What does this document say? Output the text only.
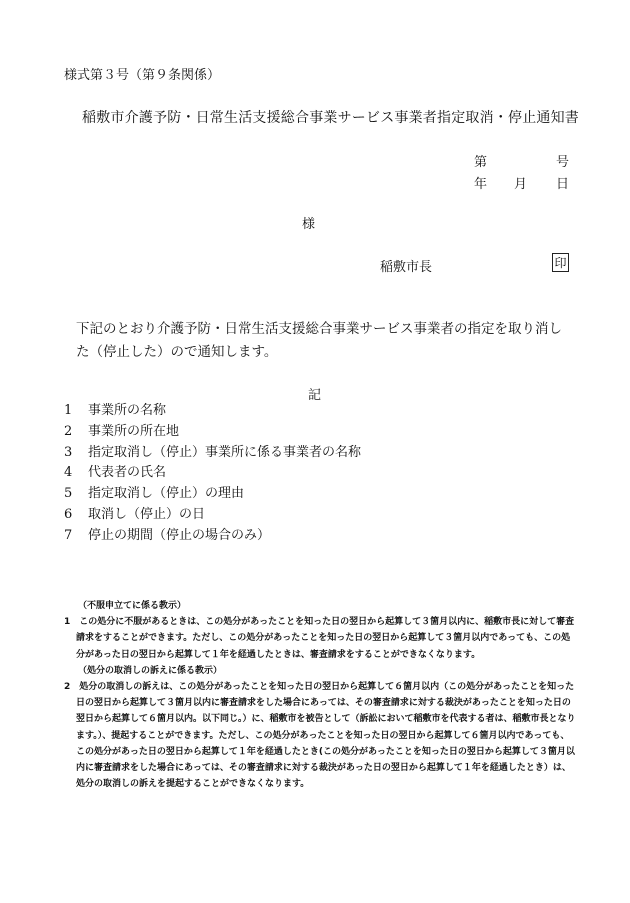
様式第３号（第９条関係）
稲敷市介護予防・日常生活支援総合事業サービス事業者指定取消・停止通知書
第	号
年 月 日
様
稲敷市長	印
下記のとおり介護予防・日常生活支援総合事業サービス事業者の指定を取り消した（停止した）ので通知します。
記
1	事業所の名称
2	事業所の所在地
3	指定取消し（停止）事業所に係る事業者の名称
4	代表者の氏名
5	指定取消し（停止）の理由
6	取消し（停止）の日
7	停止の期間（停止の場合のみ）
（不服申立てに係る教示）
1　この処分に不服があるときは、この処分があったことを知った日の翌日から起算して３箇月以内に、稲敷市長に対して審査請求をすることができます。ただし、この処分があったことを知った日の翌日から起算して３箇月以内であっても、この処分があった日の翌日から起算して１年を経過したときは、審査請求をすることができなくなります。
（処分の取消しの訴えに係る教示）
2　処分の取消しの訴えは、この処分があったことを知った日の翌日から起算して６箇月以内（この処分があったことを知った日の翌日から起算して３箇月以内に審査請求をした場合にあっては、その審査請求に対する裁決があったことを知った日の翌日から起算して６箇月以内。以下同じ。）に、稲敷市を被告として（訴訟において稲敷市を代表する者は、稲敷市長となります。）、提起することができます。ただし、この処分があったことを知った日の翌日から起算して６箇月以内であっても、この処分があった日の翌日から起算して１年を経過したとき(この処分があったことを知った日の翌日から起算して３箇月以内に審査請求をした場合にあっては、その審査請求に対する裁決があった日の翌日から起算して１年を経過したとき）は、処分の取消しの訴えを提起することができなくなります。
